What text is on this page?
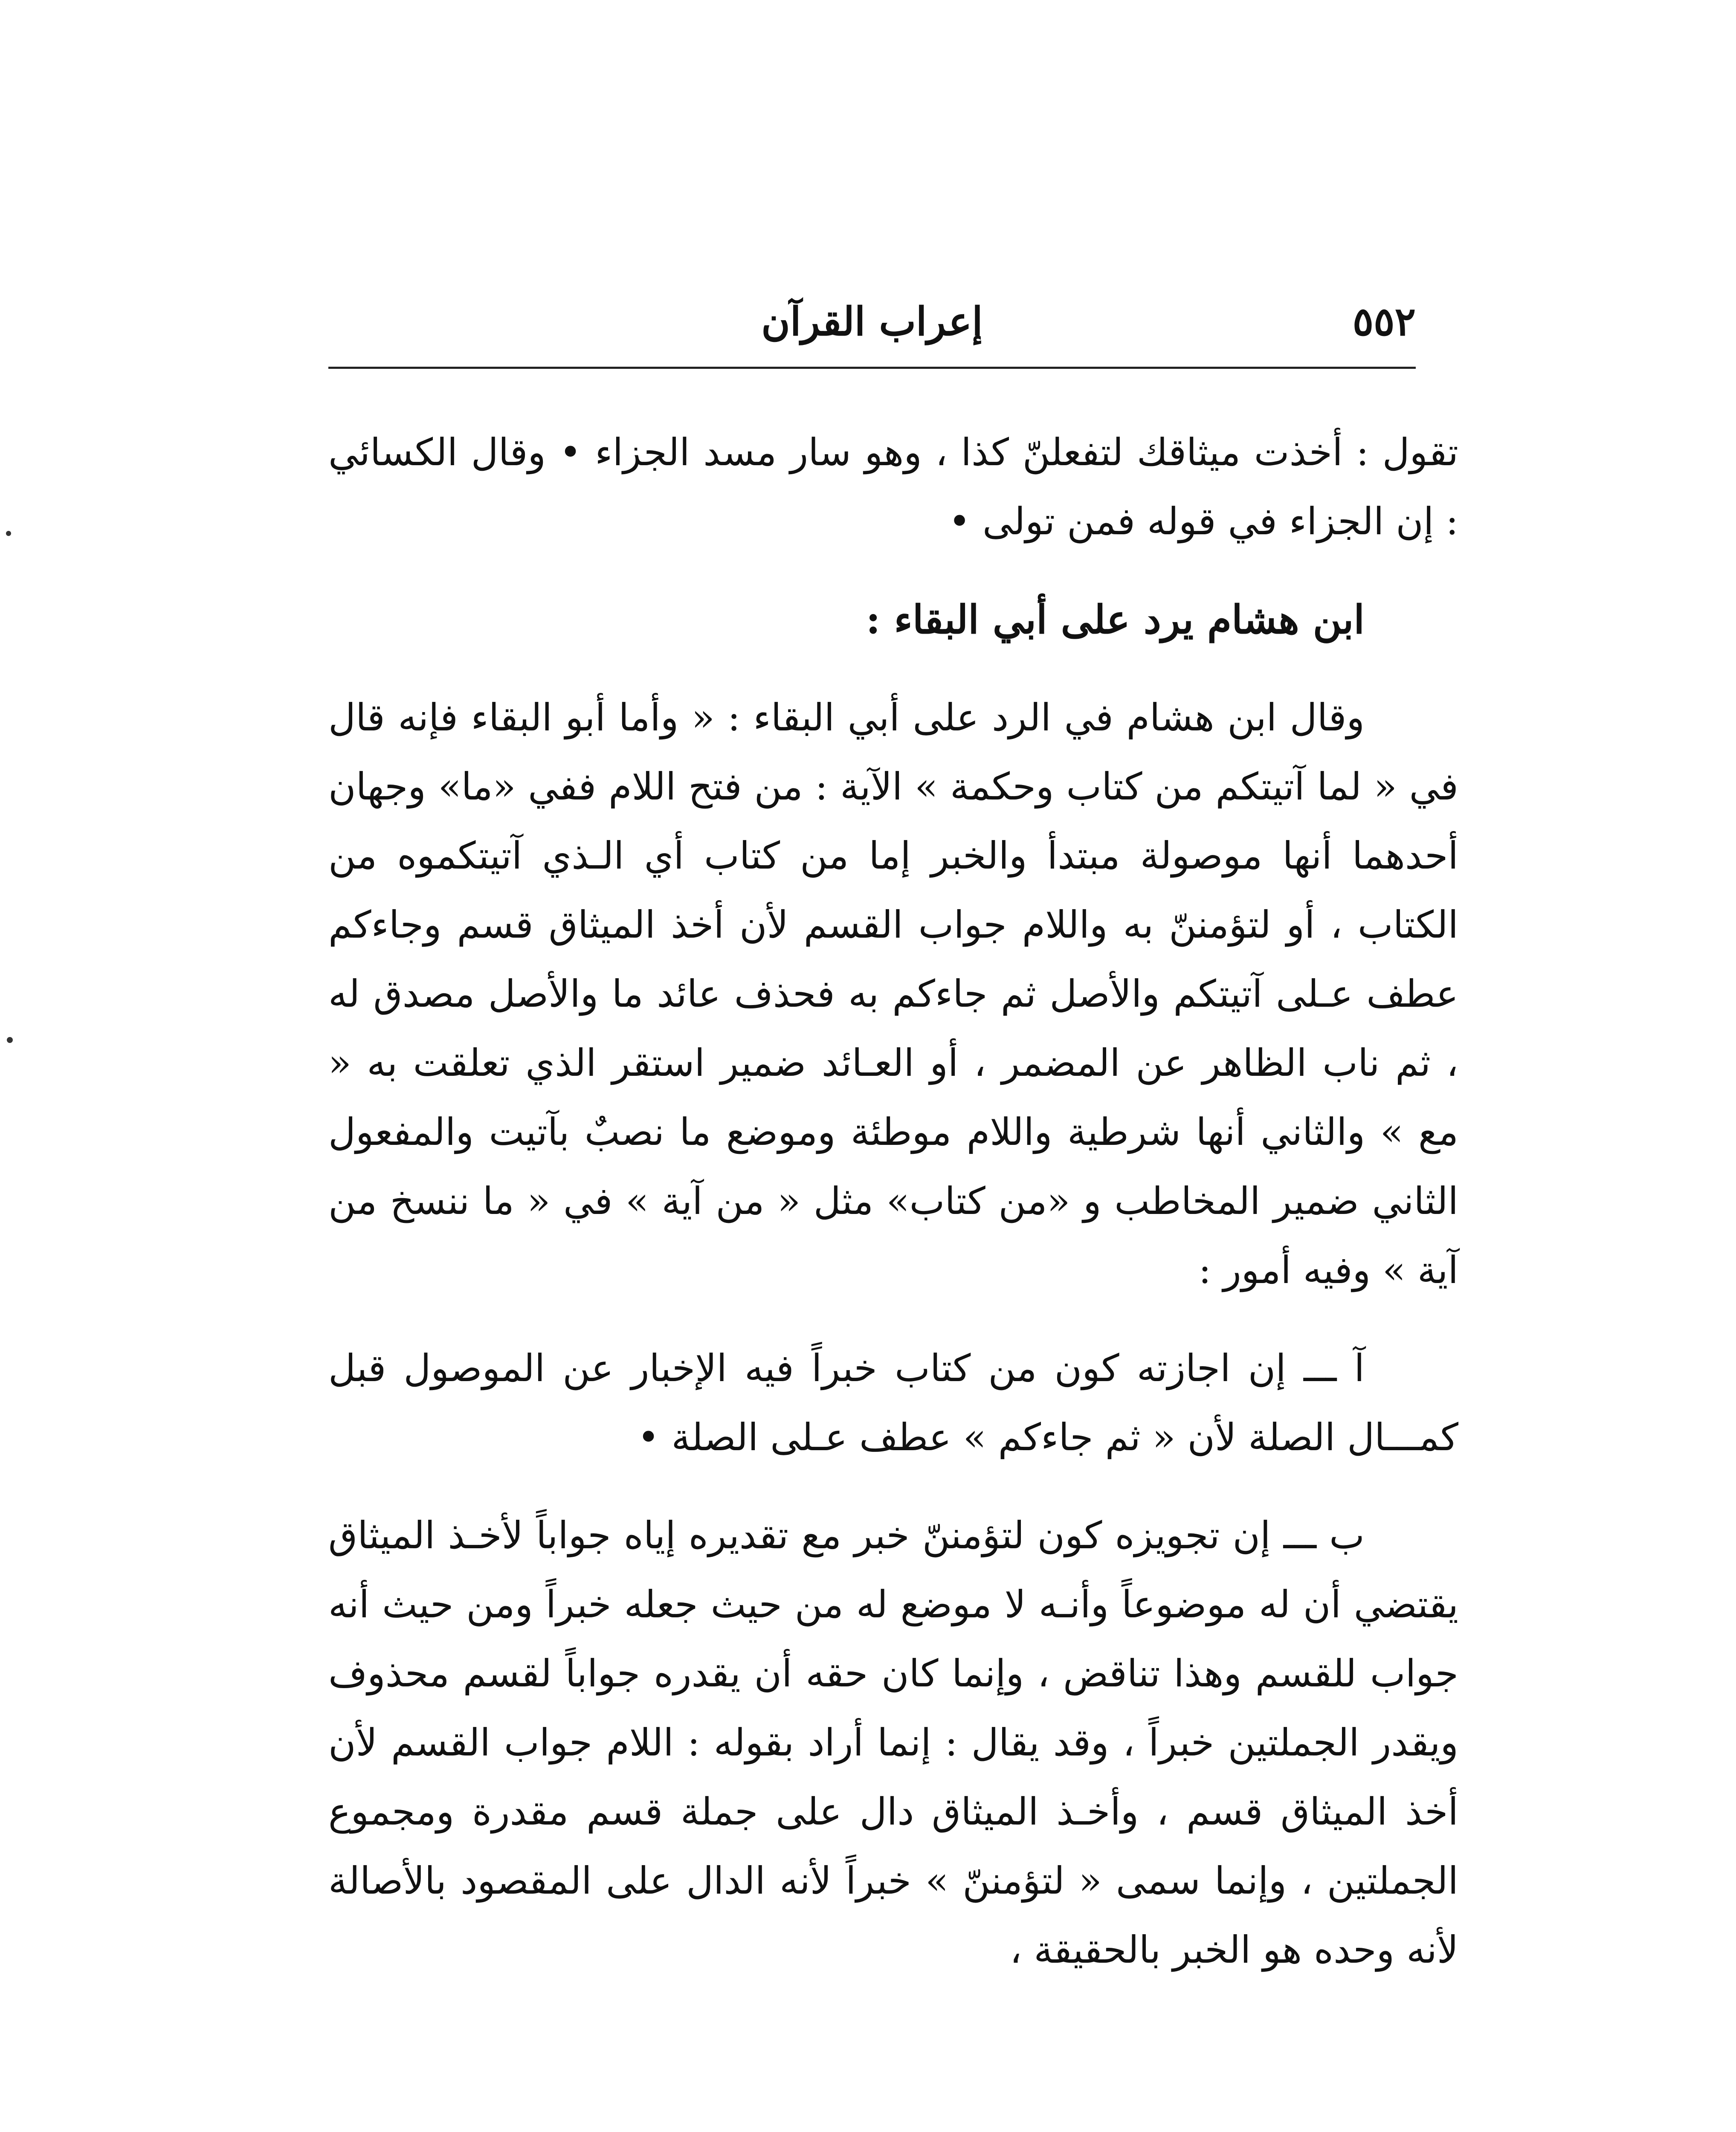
٥٥٢
إعراب القرآن

تقول : أخذت ميثاقك لتفعلنّ كذا ، وهو سار مسد الجزاء • وقال الكسائي : إن الجزاء في قوله فمن تولى •

ابن هشام يرد على أبي البقاء :

وقال ابن هشام في الرد على أبي البقاء : « وأما أبو البقاء فإنه قال في « لما آتيتكم من كتاب وحكمة » الآية : من فتح اللام ففي «ما» وجهان أحدهما أنها موصولة مبتدأ والخبر إما من كتاب أي الـذي آتيتكموه من الكتاب ، أو لتؤمننّ به واللام جواب القسم لأن أخذ الميثاق قسم وجاءكم عطف عـلى آتيتكم والأصل ثم جاءكم به فحذف عائد ما والأصل مصدق له ، ثم ناب الظاهر عن المضمر ، أو العـائد ضمير استقر الذي تعلقت به « مع » والثاني أنها شرطية واللام موطئة وموضع ما نصبٌ بآتيت والمفعول الثاني ضمير المخاطب و «من كتاب» مثل « من آية » في « ما ننسخ من آية » وفيه أمور :

آ ـــ إن اجازته كون من كتاب خبراً فيه الإخبار عن الموصول قبل كمـــال الصلة لأن « ثم جاءكم » عطف عـلى الصلة •

ب ـــ إن تجويزه كون لتؤمننّ خبر مع تقديره إياه جواباً لأخـذ الميثاق يقتضي أن له موضوعاً وأنـه لا موضع له من حيث جعله خبراً ومن حيث أنه جواب للقسم وهذا تناقض ، وإنما كان حقه أن يقدره جواباً لقسم محذوف ويقدر الجملتين خبراً ، وقد يقال : إنما أراد بقوله : اللام جواب القسم لأن أخذ الميثاق قسم ، وأخـذ الميثاق دال على جملة قسم مقدرة ومجموع الجملتين ، وإنما سمى « لتؤمننّ » خبراً لأنه الدال على المقصود بالأصالة لأنه وحده هو الخبر بالحقيقة ،
